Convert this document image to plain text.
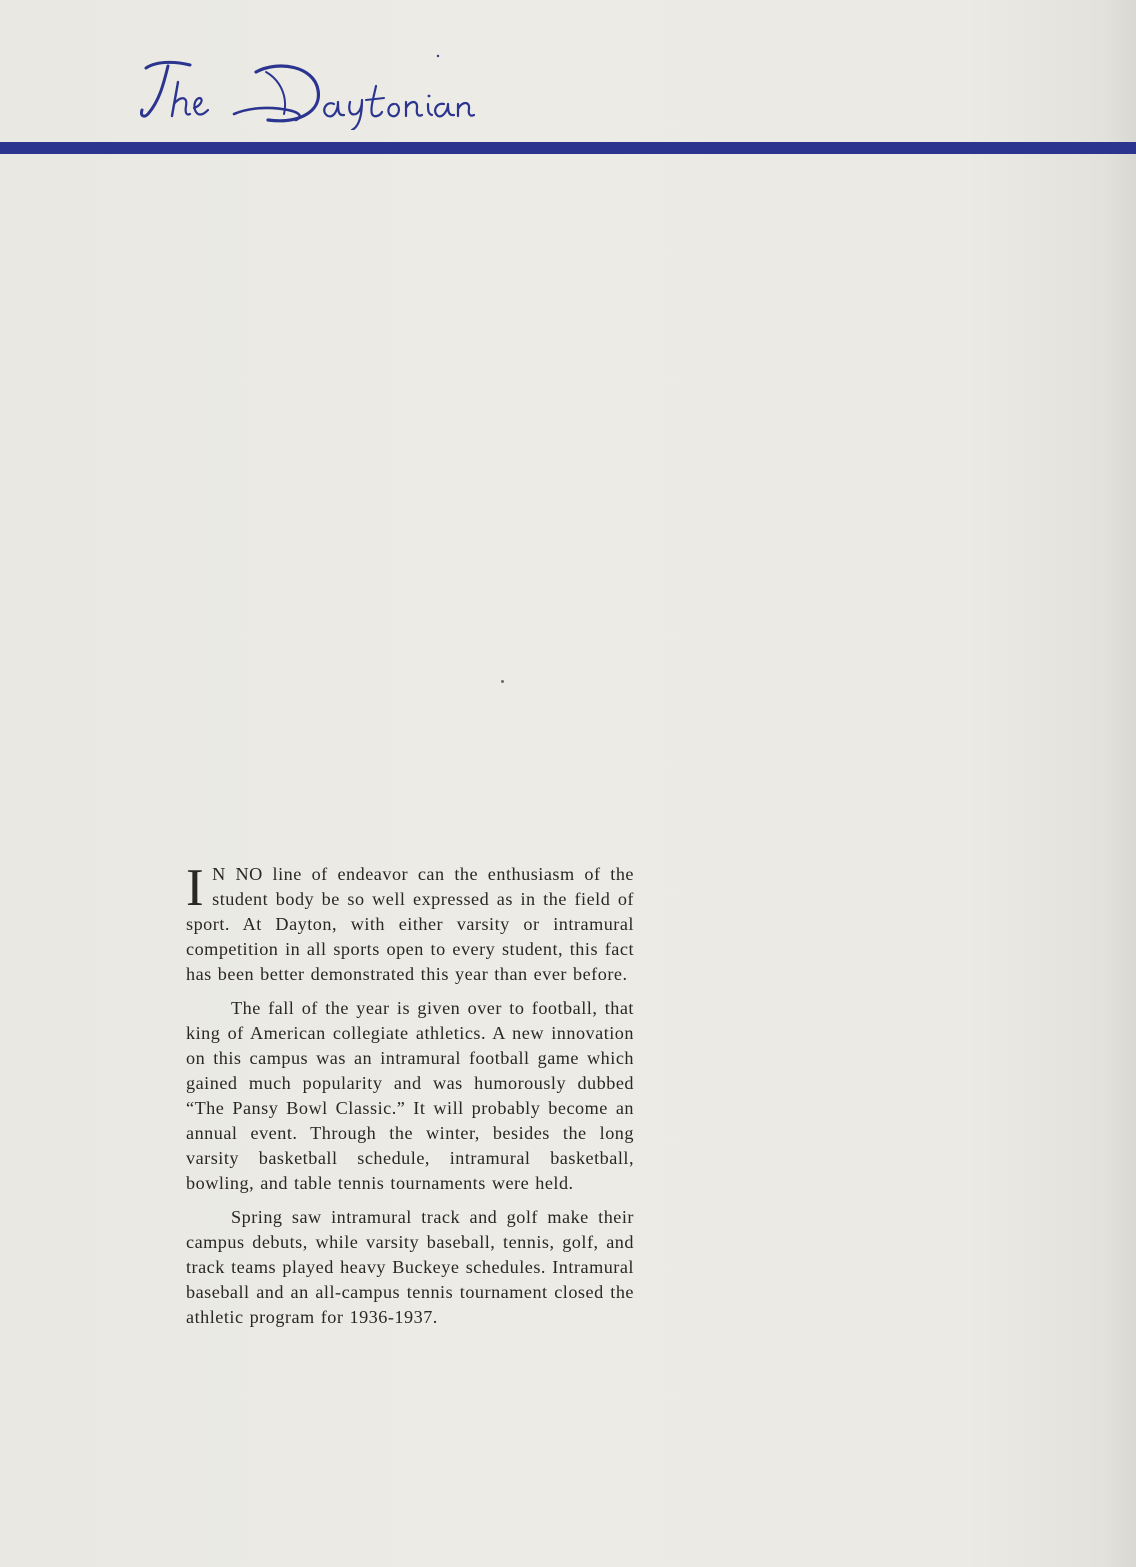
The Daytonian

I N NO line of endeavor can the enthusiasm of the student body be so well expressed as in the field of sport. At Dayton, with either varsity or intramural competition in all sports open to every student, this fact has been better demonstrated this year than ever before.

The fall of the year is given over to football, that king of American collegiate athletics. A new innovation on this campus was an intramural football game which gained much popularity and was humorously dubbed “The Pansy Bowl Classic.” It will probably become an annual event. Through the winter, besides the long varsity basketball schedule, intramural basketball, bowling, and table tennis tournaments were held.

Spring saw intramural track and golf make their campus debuts, while varsity baseball, tennis, golf, and track teams played heavy Buckeye schedules. Intramural baseball and an all-campus tennis tournament closed the athletic program for 1936-1937.
